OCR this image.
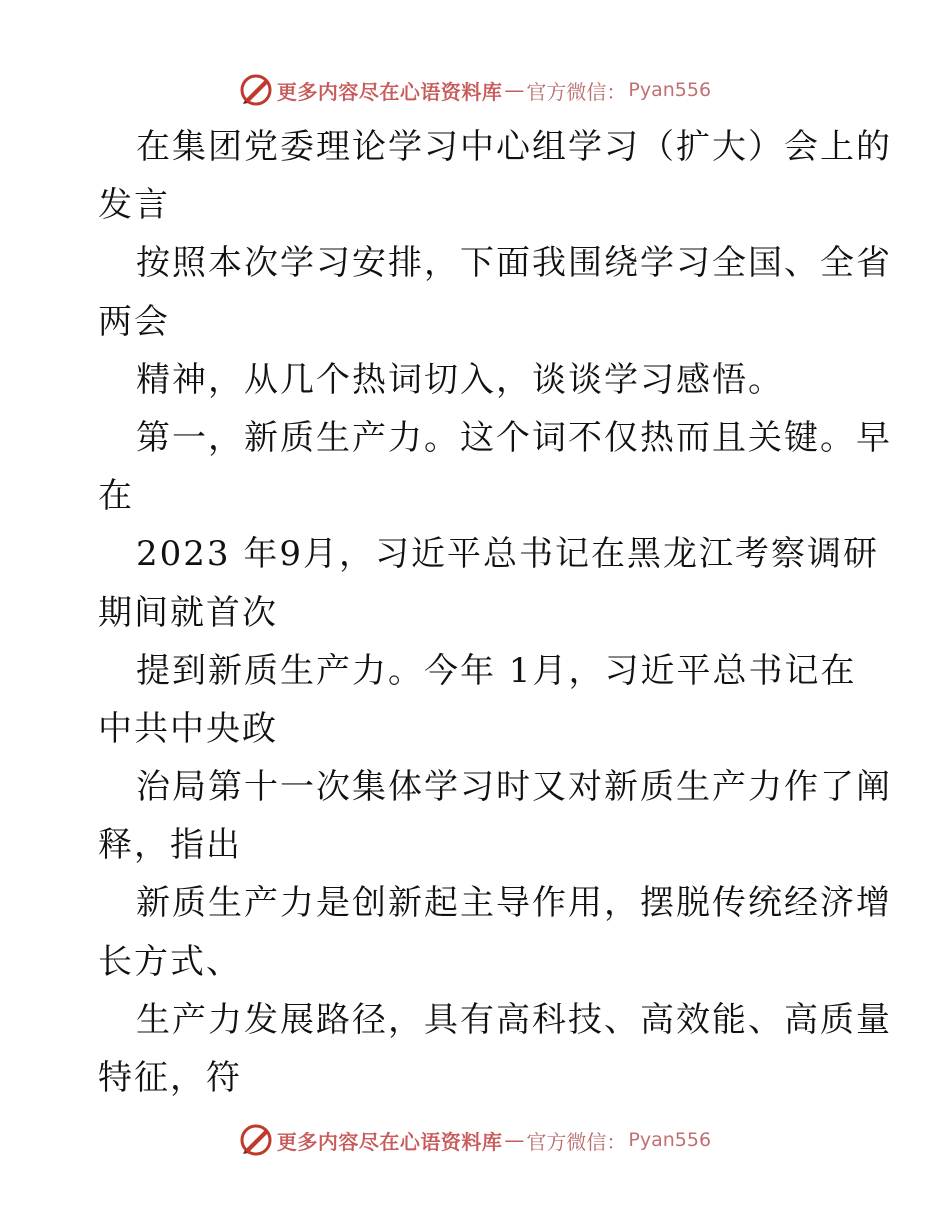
更多内容尽在心语资料库 — 官方微信： Pyan556
在集团党委理论学习中心组学习（扩大）会上的
发言
按照本次学习安排，下面我围绕学习全国、全省
两会
精神，从几个热词切入，谈谈学习感悟。
第一，新质生产力。这个词不仅热而且关键。早
在
2023 年9月，习近平总书记在黑龙江考察调研
期间就首次
提到新质生产力。今年 1月，习近平总书记在
中共中央政
治局第十一次集体学习时又对新质生产力作了阐
释，指出
新质生产力是创新起主导作用，摆脱传统经济增
长方式、
生产力发展路径，具有高科技、高效能、高质量
特征，符
更多内容尽在心语资料库 — 官方微信： Pyan556
